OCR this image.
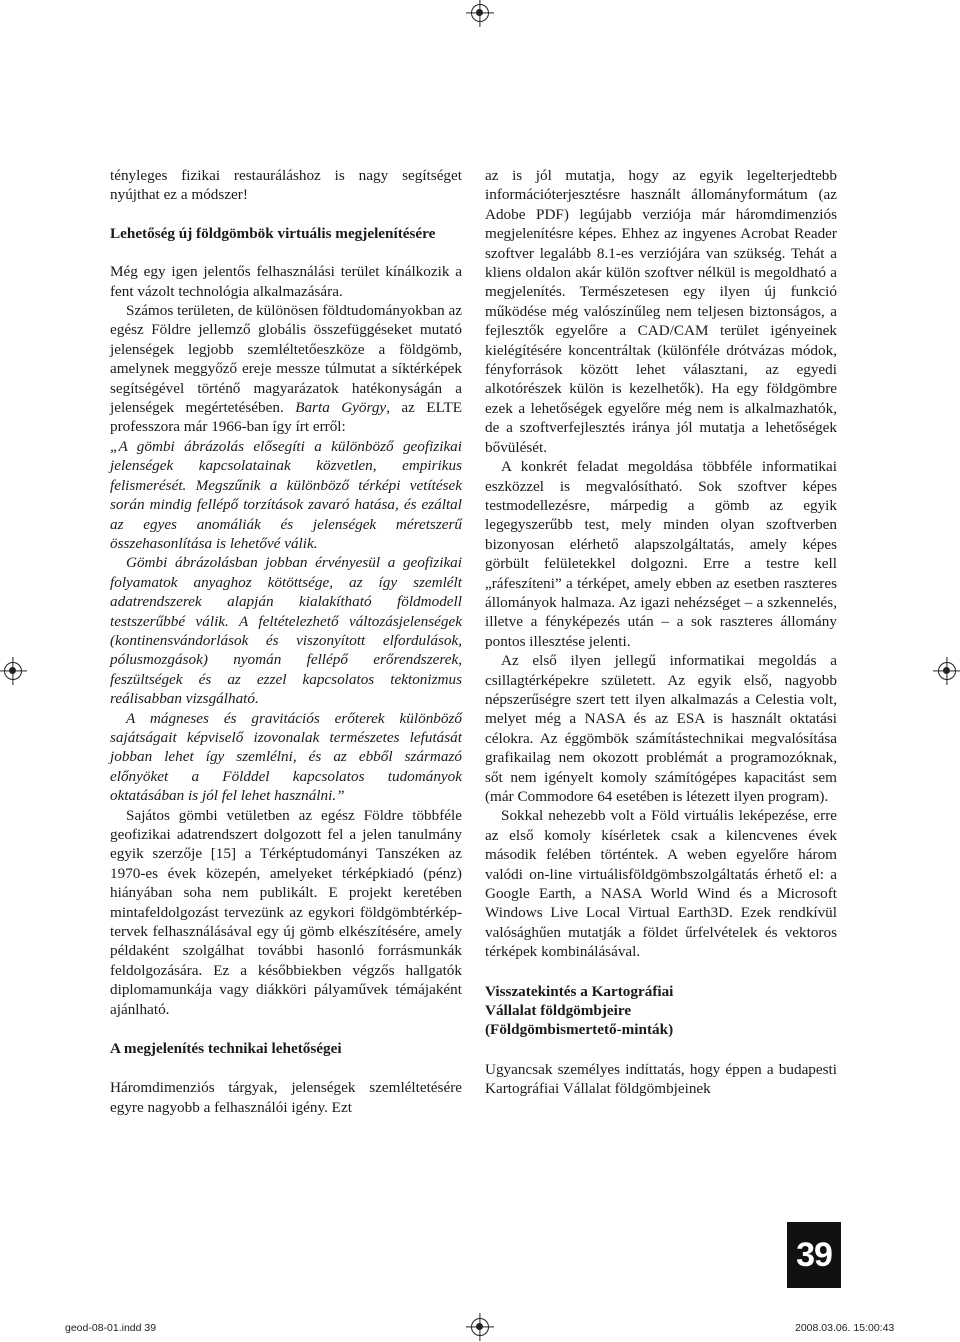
tényleges fizikai restauráláshoz is nagy segítséget nyújthat ez a módszer!

Lehetőség új földgömbök virtuális megjelenítésére

Még egy igen jelentős felhasználási terület kínálkozik a fent vázolt technológia alkalmazására.

Számos területen, de különösen földtudományokban az egész Földre jellemző globális összefüggéseket mutató jelenségek legjobb szemléltetőeszköze a földgömb, amelynek meggyőző ereje messze túlmutat a síktérképek segítségével történő magyarázatok hatékonyságán a jelenségek megértetésében. Barta György, az ELTE professzora már 1966-ban így írt erről:

„A gömbi ábrázolás elősegíti a különböző geofizikai jelenségek kapcsolatainak közvetlen, empirikus felismerését. Megszűnik a különböző térképi vetítések során mindig fellépő torzítások zavaró hatása, és ezáltal az egyes anomáliák és jelenségek méretszerű összehasonlítása is lehetővé válik.

Gömbi ábrázolásban jobban érvényesül a geofizikai folyamatok anyaghoz kötöttsége, az így szemlélt adatrendszerek alapján kialakítható földmodell testszerűbbé válik. A feltételezhető változásjelenségek (kontinensvándorlások és viszonyított elfordulások, pólusmozgások) nyomán fellépő erőrendszerek, feszültségek és az ezzel kapcsolatos tektonizmus reálisabban vizsgálható.

A mágneses és gravitációs erőterek különböző sajátságait képviselő izovonalak természetes lefutását jobban lehet így szemlélni, és az ebből származó előnyöket a Földdel kapcsolatos tudományok oktatásában is jól fel lehet használni.”

Sajátos gömbi vetületben az egész Földre többféle geofizikai adatrendszert dolgozott fel a jelen tanulmány egyik szerzője [15] a Térképtudományi Tanszéken az 1970-es évek közepén, amelyeket térképkiadó (pénz) hiányában soha nem publikált. E projekt keretében mintafeldolgozást tervezünk az egykori földgömbtérkép-tervek felhasználásával egy új gömb elkészítésére, amely példaként szolgálhat további hasonló forrásmunkák feldolgozására. Ez a későbbiekben végzős hallgatók diplomamunkája vagy diákköri pályaművek témájaként ajánlható.

A megjelenítés technikai lehetőségei

Háromdimenziós tárgyak, jelenségek szemléltetésére egyre nagyobb a felhasználói igény. Ezt

az is jól mutatja, hogy az egyik legelterjedtebb információterjesztésre használt állományformátum (az Adobe PDF) legújabb verziója már háromdimenziós megjelenítésre képes. Ehhez az ingyenes Acrobat Reader szoftver legalább 8.1-es verziójára van szükség. Tehát a kliens oldalon akár külön szoftver nélkül is megoldható a megjelenítés. Természetesen egy ilyen új funkció működése még valószínűleg nem teljesen biztonságos, a fejlesztők egyelőre a CAD/CAM terület igényeinek kielégítésére koncentráltak (különféle drótvázas módok, fényforrások között lehet választani, az egyedi alkotórészek külön is kezelhetők). Ha egy földgömbre ezek a lehetőségek egyelőre még nem is alkalmazhatók, de a szoftverfejlesztés iránya jól mutatja a lehetőségek bővülését.

A konkrét feladat megoldása többféle informatikai eszközzel is megvalósítható. Sok szoftver képes testmodellezésre, márpedig a gömb az egyik legegyszerűbb test, mely minden olyan szoftverben bizonyosan elérhető alapszolgáltatás, amely képes görbült felületekkel dolgozni. Erre a testre kell „ráfeszíteni” a térképet, amely ebben az esetben raszteres állományok halmaza. Az igazi nehézséget – a szkennelés, illetve a fényképezés után – a sok raszteres állomány pontos illesztése jelenti.

Az első ilyen jellegű informatikai megoldás a csillagtérképekre született. Az egyik első, nagyobb népszerűségre szert tett ilyen alkalmazás a Celestia volt, melyet még a NASA és az ESA is használt oktatási célokra. Az éggömbök számítástechnikai megvalósítása grafikailag nem okozott problémát a programozóknak, sőt nem igényelt komoly számítógépes kapacitást sem (már Commodore 64 esetében is létezett ilyen program).

Sokkal nehezebb volt a Föld virtuális leképezése, erre az első komoly kísérletek csak a kilencvenes évek második felében történtek. A weben egyelőre három valódi on-line virtuálisföldgömbszolgáltatás érhető el: a Google Earth, a NASA World Wind és a Microsoft Windows Live Local Virtual Earth3D. Ezek rendkívül valósághűen mutatják a földet űrfelvételek és vektoros térképek kombinálásával.

Visszatekintés a Kartográfiai
Vállalat földgömbjeire
(Földgömbismertető-minták)

Ugyancsak személyes indíttatás, hogy éppen a budapesti Kartográfiai Vállalat földgömbjeinek

39
geod-08-01.indd 39	2008.03.06. 15:00:43
